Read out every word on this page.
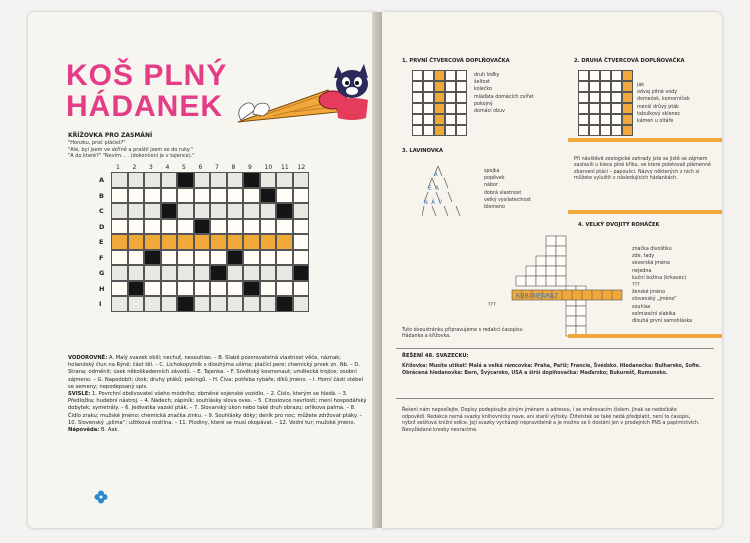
KOŠ PLNÝ
HÁDANEK
KŘÍŽOVKA PRO ZASMÁNÍ
"Honzku, proč pláčeš?"
"Ale, byl jsem ve skříně a praštil jsem se do ruky."
"A do které?" "Nevím. . . (dokončení je v tajence)."
1 2 3 4 5 6 7 8 9 10 11 12
A
B
C
D
E
F
G
H
I

VODOROVNĚ: A. Malý svazek obilí; nechuť, nesouhlas. – B. Slabě pozorovatelná vlastnost věče, náznak; holandský člun na Rýně; část těl. – C. Lichokopytník s dlouhýma ušima; plačící pere; chemický prvek zn. Nb. – D. Strana; odměnit; úsek několikadenních závodů. – E. Tajenka. – F. Sovětský kosmonaut; umělecká trojice; osobní zájmeno. – G. Napodobit; útok; druhy ptáků; pekingů. – H. Čiva; potřeba rybáře; díků jméno. – I. Horní části stébel se semeny; nepodepsaný spis.

SVISLE: 1. Povrchní obdivovatel všeho módního; obměné vojenské vozidlo. – 2. Číslo, kterým se hledá. – 3. Předložka; hudební nástroj. – 4. Nádech; zápiník; souhlásky slova oves. – 5. Citoslovce nevrlosti; mení hospodářský dobytek; symetrály. – 6. Jedivatka vazskí pták. – 7. Slovanský úkon nebo také druh obrazu; orlikova palma. – 8. Čidlo zraku; mužské jméno; chemická značka zinku. – 9. Souhlásky dóky; deník pro noc; můžete zdržovat ptáky. – 10. Slovenský „plíma“; užitková rostlina. – 11. Plodiny, které se musí okopávat. – 12. Vodní tur; mužské jméno.

Nápověda: B. Aak.

1. PRVNÍ ČTVERCOVÁ DOPLŇOVAČKA
druh lóďky
šeltost
kolečko
mláďata domácích zvířat
pokojný
domácí obuv
2. DRUHÁ ČTVERCOVÁ DOPLŇOVAČKA
jak
odvaj pitné vody
domeček, komorníček
menší drůvý pták
tabulkový sklenec
kámen u oltáře
3. LAVINOVKA
A
E A
N Á V
spojka
popěvek
nábor
dobrá vlastnost
velký vysilateclnost
blemeno
Při návštěvě zoologické zahrady jste se jistě se zájmem zastavili u klece plné křiku, ve které poletovali plámenně zbarvení ptáci – papoušci. Názvy některých z nich si můžete vyluštit v následujících hádankách.
4. VELKÝ DVOJITÝ ROHÁČEK
KUBANEAMAZ
značka divoštiku
zde, tady
severská jména
nejedna
kuční božina (krkavec)
???
ženské jméno
slovenský „jméno“
souhlas
solmizační slabika
dlouhá první samohláska
???
Tuto dvoustránku připravujeme s redakcí časopisu Hádanka a křížovka.
ŘEŠENÍ 48. SVAZECKU:
Křížovka: Musíte utikat! Malá a velká rámcovka: Praha, Paříž; Francie, Švédsko. Hledanečka: Bulharsko, Sofie. Obrácená hledanovka: Bern, Švýcarsko, USA a širší doplňovačka: Maďarsko; Bukurešť, Rumunsko.
Řešení nám neposílejte. Dopisy podepisujte plným jménem a adresou, i se směrovacím číslem. Jinak se nedočkáte odpovědi. Redakce nemá svazky knihovnicky nave, ani starší výtisky. Čtitelstek se také nedá předplatit, není to časopis, nýbrž sešitová knižní edice. Její svazky vycházejí nepravidelně a je možno se k dostání jen v prodejních PNS a papírnictvích. Nevyžádané kresby nevracíme.
